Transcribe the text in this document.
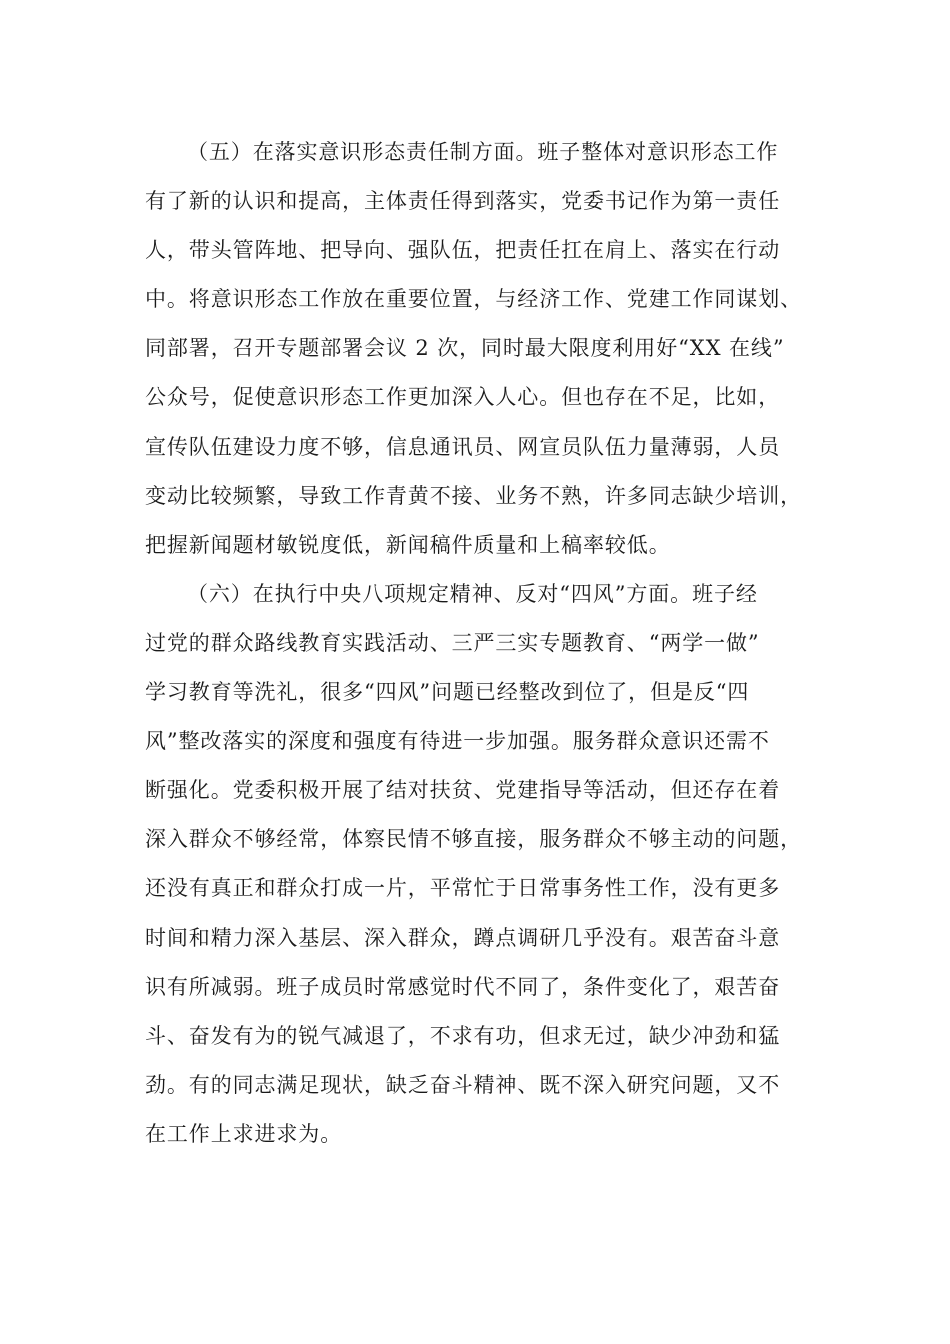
（五）在落实意识形态责任制方面。班子整体对意识形态工作
有了新的认识和提高，主体责任得到落实，党委书记作为第一责任
人，带头管阵地、把导向、强队伍，把责任扛在肩上、落实在行动
中。将意识形态工作放在重要位置，与经济工作、党建工作同谋划、
同部署，召开专题部署会议 2 次，同时最大限度利用好“XX 在线”
公众号，促使意识形态工作更加深入人心。但也存在不足，比如，
宣传队伍建设力度不够，信息通讯员、网宣员队伍力量薄弱，人员
变动比较频繁，导致工作青黄不接、业务不熟，许多同志缺少培训，
把握新闻题材敏锐度低，新闻稿件质量和上稿率较低。
（六）在执行中央八项规定精神、反对“四风”方面。班子经
过党的群众路线教育实践活动、三严三实专题教育、“两学一做”
学习教育等洗礼，很多“四风”问题已经整改到位了，但是反“四
风”整改落实的深度和强度有待进一步加强。服务群众意识还需不
断强化。党委积极开展了结对扶贫、党建指导等活动，但还存在着
深入群众不够经常，体察民情不够直接，服务群众不够主动的问题，
还没有真正和群众打成一片，平常忙于日常事务性工作，没有更多
时间和精力深入基层、深入群众，蹲点调研几乎没有。艰苦奋斗意
识有所减弱。班子成员时常感觉时代不同了，条件变化了，艰苦奋
斗、奋发有为的锐气减退了，不求有功，但求无过，缺少冲劲和猛
劲。有的同志满足现状，缺乏奋斗精神、既不深入研究问题，又不
在工作上求进求为。
